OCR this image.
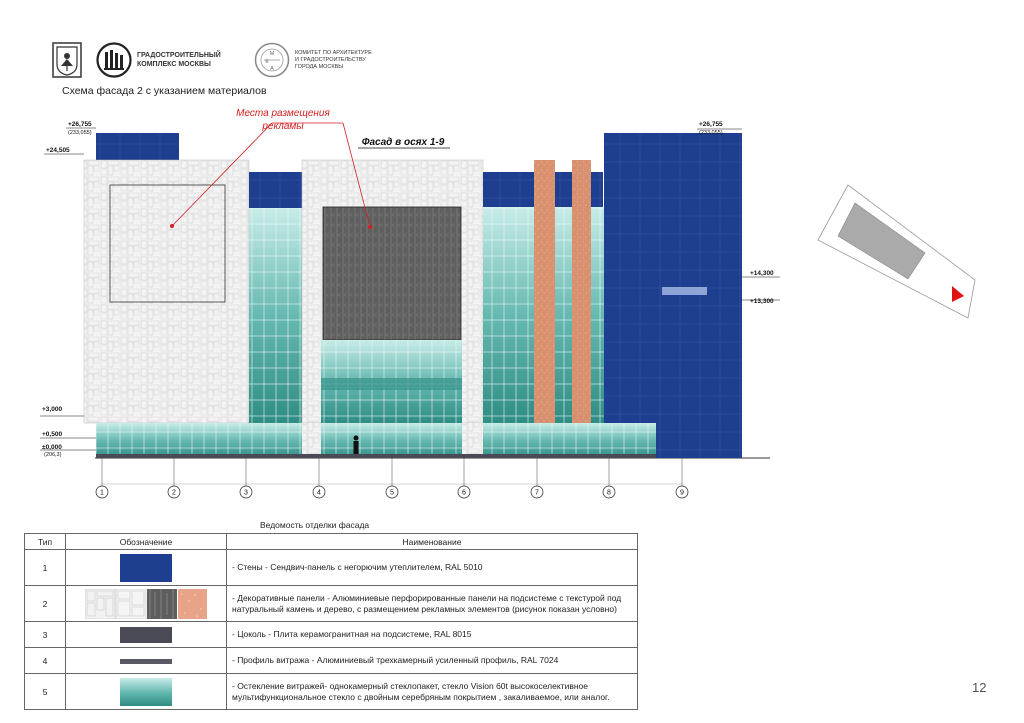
ГРАДОСТРОИТЕЛЬНЫЙ
КОМПЛЕКС МОСКВЫ
М
К
А
КОМИТЕТ ПО АРХИТЕКТУРЕ
И ГРАДОСТРОИТЕЛЬСТВУ
ГОРОДА МОСКВЫ
Схема фасада 2 с указанием материалов
Места размещения
рекламы
Фасад в осях 1-9
+26,755
(233,055)
+24,505
+3,000
+0,500
±0,000
(206,3)
+26,755
(233,055)
+14,300
+13,300
1	2	3	4	5	6	7	8	9
Ведомость отделки фасада
Тип	Обозначение	Наименование
1		- Стены - Сендвич-панель с негорючим утеплителем, RAL 5010
2		- Декоративные панели - Алюминиевые перфорированные панели на подсистеме с текстурой под натуральный камень и дерево, с размещением рекламных элементов (рисунок показан условно)
3		- Цоколь - Плита керамогранитная на подсистеме, RAL 8015
4		- Профиль витража - Алюминиевый трехкамерный усиленный профиль, RAL 7024
5		- Остекление витражей- однокамерный стеклопакет, стекло Vision 60t высокоселективное мультифункциональное стекло с двойным серебряным покрытием , закаливаемое, или аналог.
12
